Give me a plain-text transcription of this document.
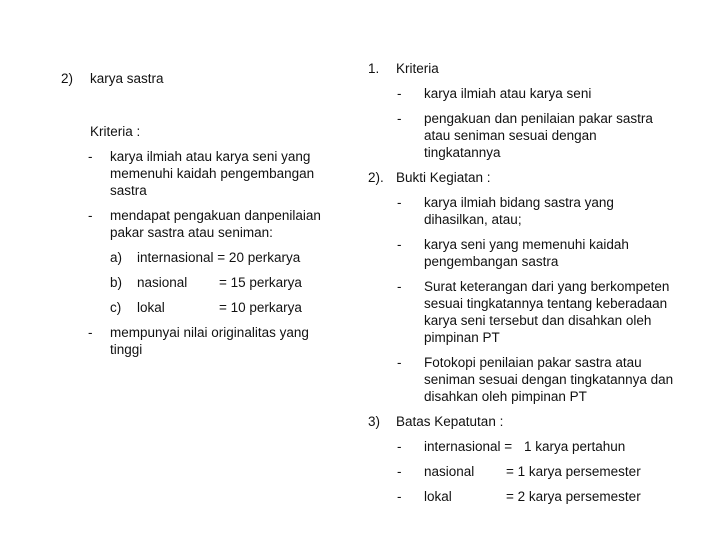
2) karya sastra
Kriteria :
- karya ilmiah atau karya seni yang memenuhi kaidah pengembangan sastra
- mendapat pengakuan danpenilaian pakar sastra atau seniman:
a) internasional = 20 perkarya
b) nasional = 15 perkarya
c) lokal	= 10 perkarya
- mempunyai nilai originalitas yang tinggi
1. Kriteria
- karya ilmiah atau karya seni
- pengakuan dan penilaian pakar sastra atau seniman sesuai dengan tingkatannya
2). Bukti Kegiatan :
- karya ilmiah bidang sastra yang dihasilkan, atau;
- karya seni yang memenuhi kaidah pengembangan sastra
- Surat keterangan dari yang berkompeten sesuai tingkatannya tentang keberadaan karya seni tersebut dan disahkan oleh pimpinan PT
- Fotokopi penilaian pakar sastra atau seniman sesuai dengan tingkatannya dan disahkan oleh pimpinan PT
3) Batas Kepatutan :
- internasional = 1 karya pertahun
- nasional = 1 karya persemester
- lokal	= 2 karya persemester
